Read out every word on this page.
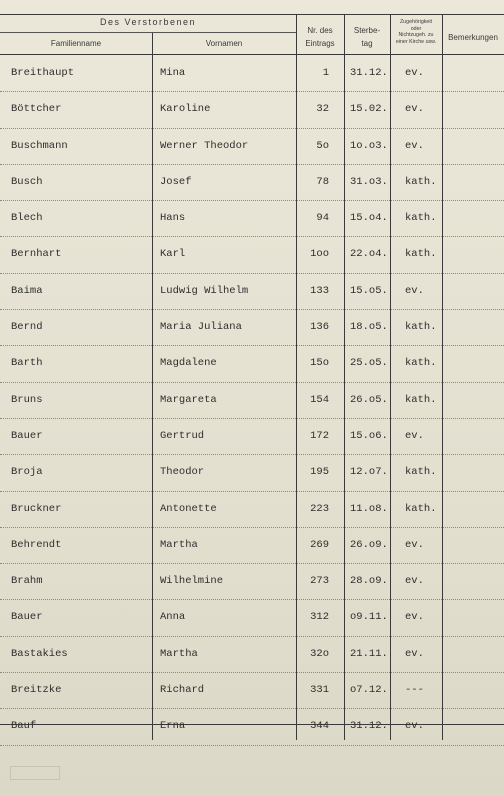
Des Verstorbenen
Familienname	Vornamen
Nr. des
Eintrags
Sterbe-
tag
Zugehörigkeit
oder
Nichtzugeh. zu
einer Kirche usw.	Bemerkungen
Breithaupt	Mina	1 31.12. ev.
Böttcher	Karoline	32 15.02. ev.
Buschmann	Werner Theodor	5o 1o.o3. ev.
Busch	Josef	78 31.o3. kath.
Blech	Hans	94 15.o4. kath.
Bernhart	Karl	1oo 22.o4. kath.
Baima	Ludwig Wilhelm	133 15.o5. ev.
Bernd	Maria Juliana	136 18.o5. kath.
Barth	Magdalene	15o 25.o5. kath.
Bruns	Margareta	154 26.o5. kath.
Bauer	Gertrud	172 15.o6. ev.
Broja	Theodor	195 12.o7. kath.
Bruckner	Antonette	223 11.o8. kath.
Behrendt	Martha	269 26.o9. ev.
Brahm	Wilhelmine	273 28.o9. ev.
Bauer	Anna	312 o9.11. ev.
Bastakies	Martha	32o 21.11. ev.
Breitzke	Richard	331 o7.12. ---
Bauf	Erna	344 31.12. ev.
